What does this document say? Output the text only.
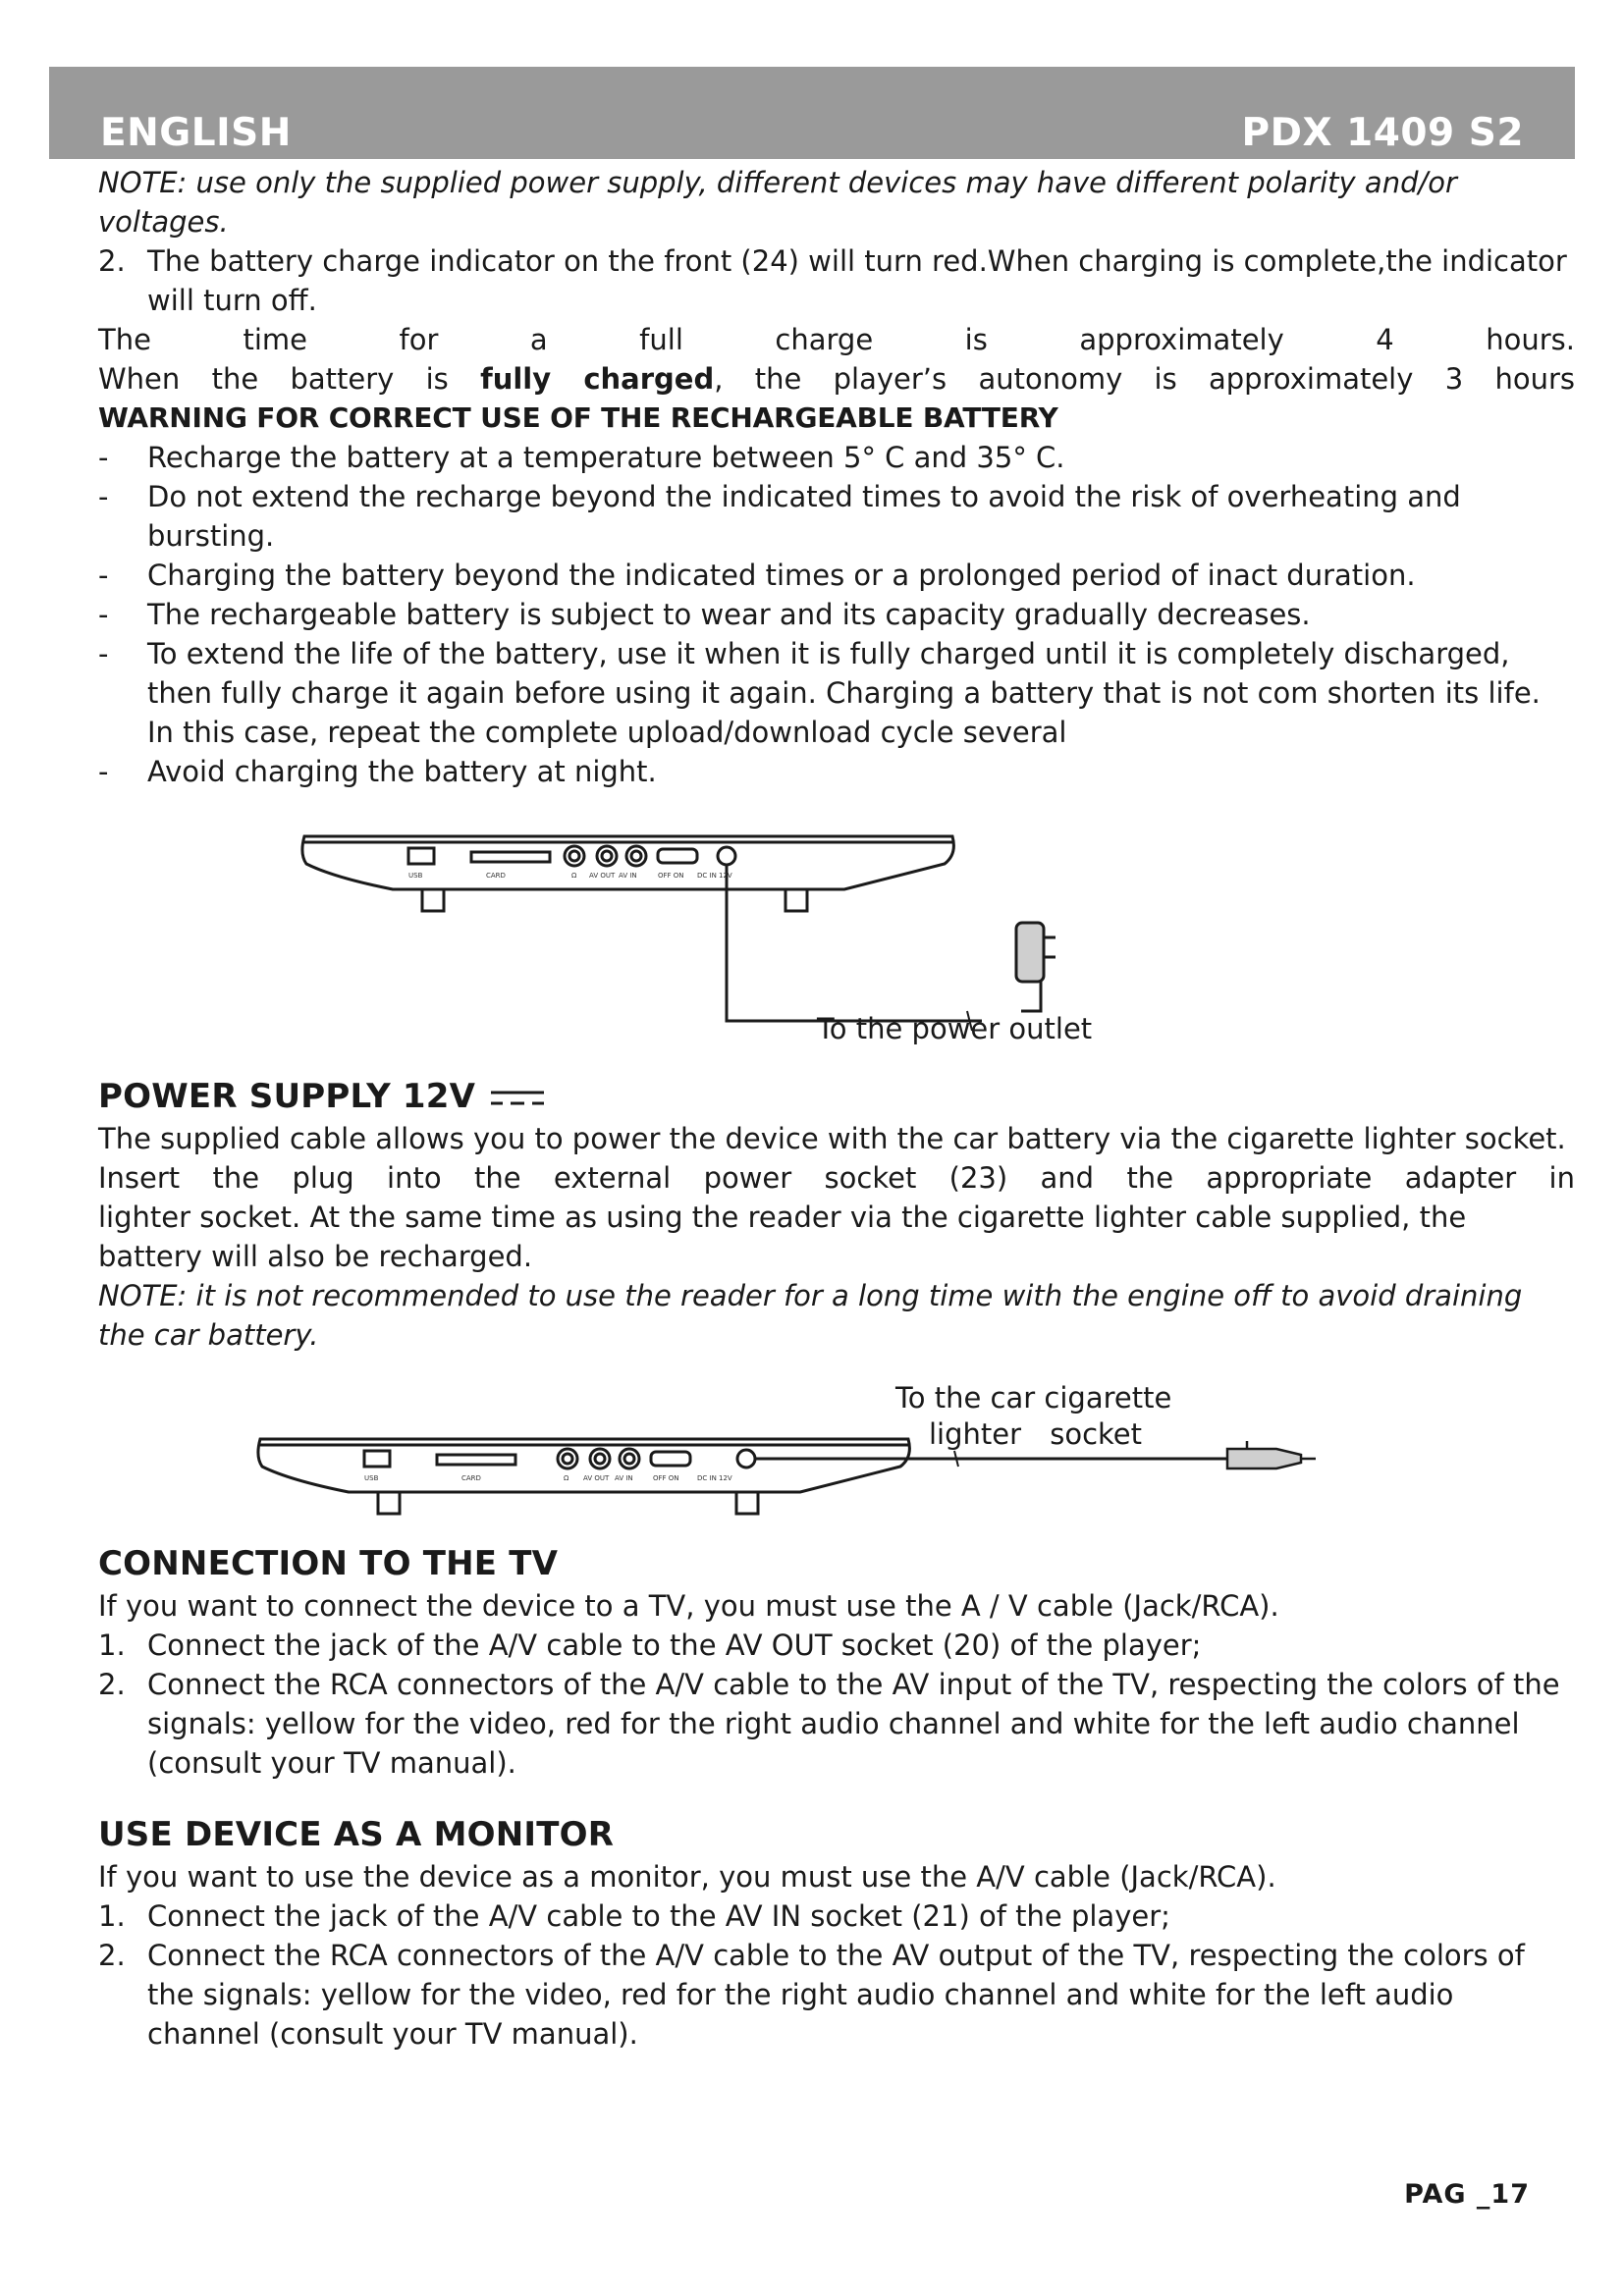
ENGLISH	PDX 1409 S2

NOTE: use only the supplied power supply, different devices may have different polarity and/or voltages.

2. The battery charge indicator on the front (24) will turn red.When charging is complete,the indicator will turn off.

The time for a full charge is approximately 4 hours.

When the battery is fully charged, the player’s autonomy is approximately 3 hours

WARNING FOR CORRECT USE OF THE RECHARGEABLE BATTERY

- Recharge the battery at a temperature between 5° C and 35° C.
- Do not extend the recharge beyond the indicated times to avoid the risk of overheating and bursting.
- Charging the battery beyond the indicated times or a prolonged period of inact duration.
- The rechargeable battery is subject to wear and its capacity gradually decreases.
- To extend the life of the battery, use it when it is fully charged until it is completely discharged, then fully charge it again before using it again. Charging a battery that is not com shorten its life. In this case, repeat the complete upload/download cycle several
- Avoid charging the battery at night.
USB	CARD	Ω AV OUT AV IN	OFF ON DC IN 12V
To the power outlet
POWER SUPPLY 12V

The supplied cable allows you to power the device with the car battery via the cigarette lighter socket.

Insert the plug into the external power socket (23) and the appropriate adapter in

lighter socket. At the same time as using the reader via the cigarette lighter cable supplied, the battery will also be recharged.

NOTE: it is not recommended to use the reader for a long time with the engine off to avoid draining the car battery.

USB	CARD	Ω AV OUT AV IN	OFF ON	DC IN 12V
To the car cigarette
lighter socket
CONNECTION TO THE TV

If you want to connect the device to a TV, you must use the A / V cable (Jack/RCA).

1. Connect the jack of the A/V cable to the AV OUT socket (20) of the player;
2. Connect the RCA connectors of the A/V cable to the AV input of the TV, respecting the colors of the signals: yellow for the video, red for the right audio channel and white for the left audio channel (consult your TV manual).
USE DEVICE AS A MONITOR

If you want to use the device as a monitor, you must use the A/V cable (Jack/RCA).

1. Connect the jack of the A/V cable to the AV IN socket (21) of the player;
2. Connect the RCA connectors of the A/V cable to the AV output of the TV, respecting the colors of the signals: yellow for the video, red for the right audio channel and white for the left audio channel (consult your TV manual).
PAG _17
